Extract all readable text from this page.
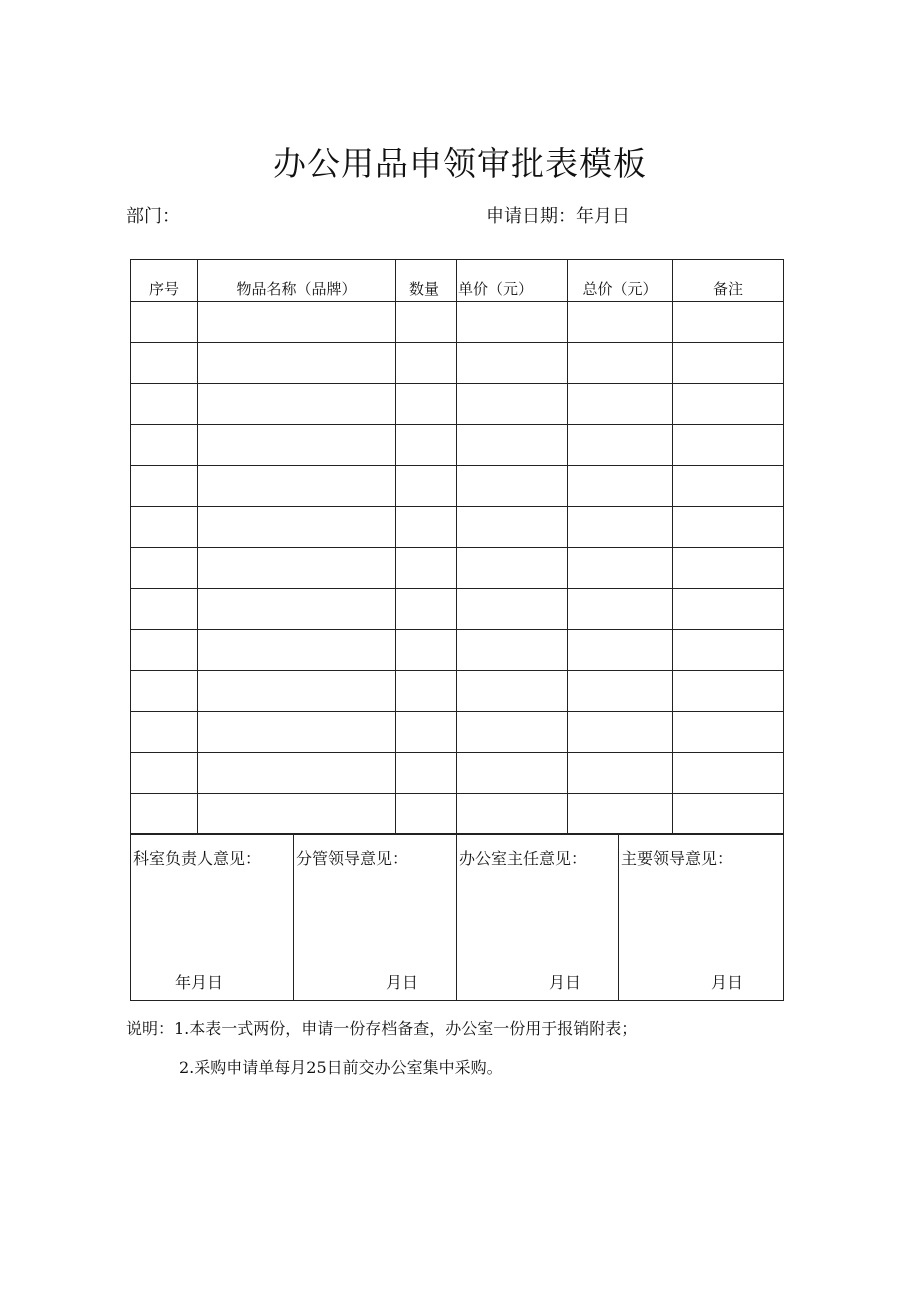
办公用品申领审批表模板
部门：	申请日期：年月日
序号	物品名称（品牌）	数量	单价（元）	总价（元）	备注

科室负责人意见：
年月日

分管领导意见：
月日

办公室主任意见：
月日

主要领导意见：
月日
说明：1.本表一式两份，申请一份存档备查，办公室一份用于报销附表；
2.采购申请单每月25日前交办公室集中采购。
